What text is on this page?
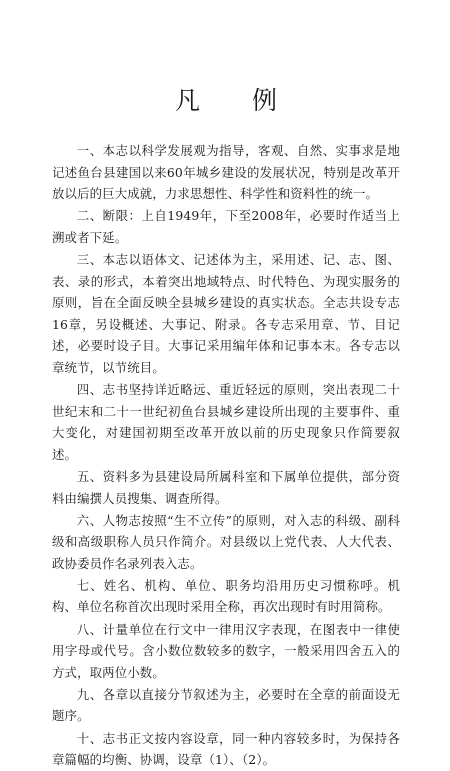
凡 例

一、本志以科学发展观为指导，客观、自然、实事求是地记述鱼台县建国以来60年城乡建设的发展状况，特别是改革开放以后的巨大成就，力求思想性、科学性和资料性的统一。

二、断限：上自1949年，下至2008年，必要时作适当上溯或者下延。

三、本志以语体文、记述体为主，采用述、记、志、图、表、录的形式，本着突出地域特点、时代特色、为现实服务的原则，旨在全面反映全县城乡建设的真实状态。全志共设专志16章，另设概述、大事记、附录。各专志采用章、节、目记述，必要时设子目。大事记采用编年体和记事本末。各专志以章统节，以节统目。

四、志书坚持详近略远、重近轻远的原则，突出表现二十世纪末和二十一世纪初鱼台县城乡建设所出现的主要事件、重大变化，对建国初期至改革开放以前的历史现象只作简要叙述。

五、资料多为县建设局所属科室和下属单位提供，部分资料由编撰人员搜集、调查所得。

六、人物志按照“生不立传”的原则，对入志的科级、副科级和高级职称人员只作简介。对县级以上党代表、人大代表、政协委员作名录列表入志。

七、姓名、机构、单位、职务均沿用历史习惯称呼。机构、单位名称首次出现时采用全称，再次出现时有时用简称。

八、计量单位在行文中一律用汉字表现，在图表中一律使用字母或代号。含小数位数较多的数字，一般采用四舍五入的方式，取两位小数。

九、各章以直接分节叙述为主，必要时在全章的前面设无题序。

十、志书正文按内容设章，同一种内容较多时，为保持各章篇幅的均衡、协调，设章（1）、（2）。
